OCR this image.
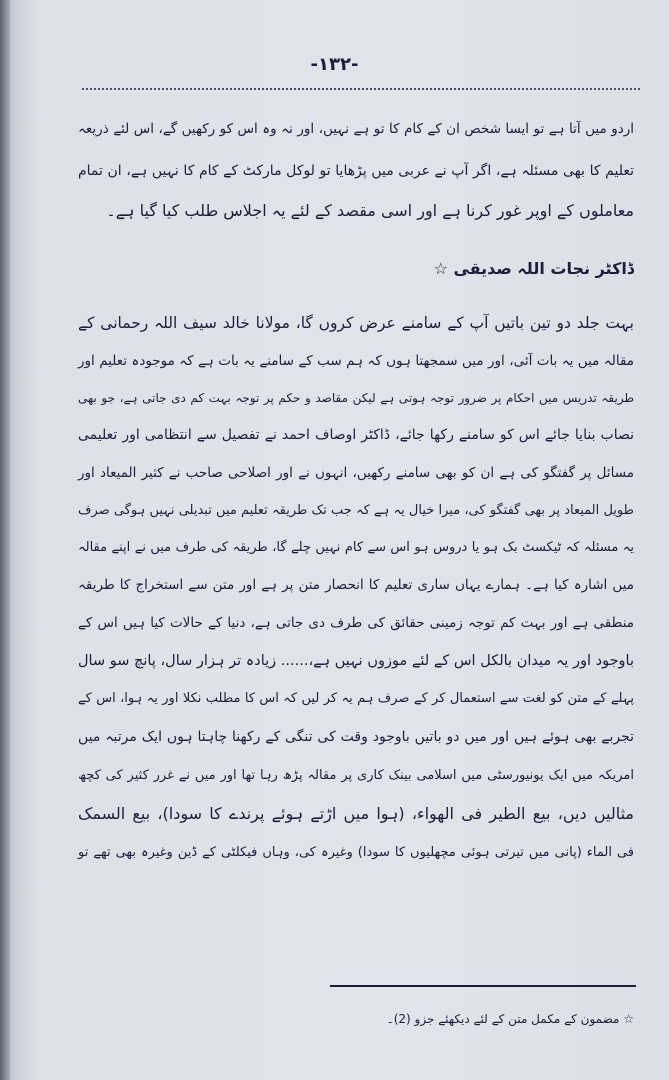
-۱۳۲-
اردو میں آتا ہے تو ایسا شخص ان کے کام کا تو ہے نہیں، اور نہ وہ اس کو رکھیں گے، اس لئے ذریعہ
تعلیم کا بھی مسئلہ ہے، اگر آپ نے عربی میں پڑھایا تو لوکل مارکٹ کے کام کا نہیں ہے، ان تمام
معاملوں کے اوپر غور کرنا ہے اور اسی مقصد کے لئے یہ اجلاس طلب کیا گیا ہے۔
ڈاکٹر نجات اللہ صدیقی ☆
بہت جلد دو تین باتیں آپ کے سامنے عرض کروں گا، مولانا خالد سیف اللہ رحمانی کے
مقالہ میں یہ بات آئی، اور میں سمجھتا ہوں کہ ہم سب کے سامنے یہ بات ہے کہ موجودہ تعلیم اور
طریقہ تدریس میں احکام پر ضرور توجہ ہوتی ہے لیکن مقاصد و حکم پر توجہ بہت کم دی جاتی ہے، جو بھی
نصاب بنایا جائے اس کو سامنے رکھا جائے، ڈاکٹر اوصاف احمد نے تفصیل سے انتظامی اور تعلیمی
مسائل پر گفتگو کی ہے ان کو بھی سامنے رکھیں، انہوں نے اور اصلاحی صاحب نے کثیر المیعاد اور
طویل المیعاد پر بھی گفتگو کی، میرا خیال یہ ہے کہ جب تک طریقہ تعلیم میں تبدیلی نہیں ہوگی صرف
یہ مسئلہ کہ ٹیکسٹ بک ہو یا دروس ہو اس سے کام نہیں چلے گا، طریقہ کی طرف میں نے اپنے مقالہ
میں اشارہ کیا ہے۔ ہمارے یہاں ساری تعلیم کا انحصار متن پر ہے اور متن سے استخراج کا طریقہ
منطقی ہے اور بہت کم توجہ زمینی حقائق کی طرف دی جاتی ہے، دنیا کے حالات کیا ہیں اس کے
باوجود اور یہ میدان بالکل اس کے لئے موزوں نہیں ہے،...... زیادہ تر ہزار سال، پانچ سو سال
پہلے کے متن کو لغت سے استعمال کر کے صرف ہم یہ کر لیں کہ اس کا مطلب نکلا اور یہ ہوا، اس کے
تجربے بھی ہوئے ہیں اور میں دو باتیں باوجود وقت کی تنگی کے رکھنا چاہتا ہوں ایک مرتبہ میں
امریکہ میں ایک یونیورسٹی میں اسلامی بینک کاری پر مقالہ پڑھ رہا تھا اور میں نے غرر کثیر کی کچھ
مثالیں دیں، بیع الطیر فی الھواء، (ہوا میں اڑتے ہوئے پرندے کا سودا)، بیع السمک
فی الماء (پانی میں تیرتی ہوئی مچھلیوں کا سودا) وغیرہ کی، وہاں فیکلٹی کے ڈین وغیرہ بھی تھے تو
☆ مضمون کے مکمل متن کے لئے دیکھئے جزو (2)۔
